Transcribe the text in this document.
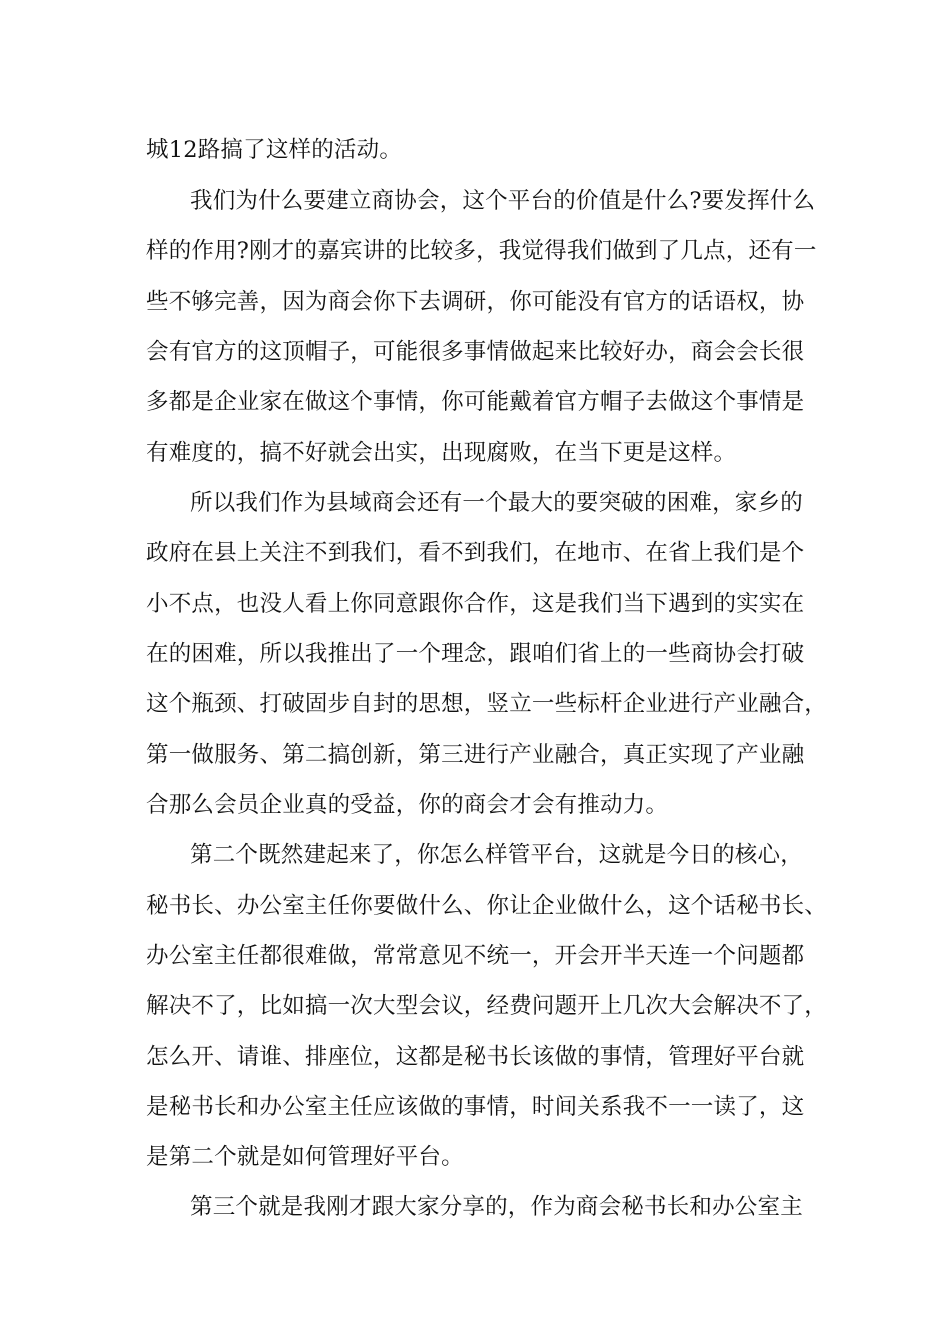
城12路搞了这样的活动。
我们为什么要建立商协会，这个平台的价值是什么?要发挥什么
样的作用?刚才的嘉宾讲的比较多，我觉得我们做到了几点，还有一
些不够完善，因为商会你下去调研，你可能没有官方的话语权，协
会有官方的这顶帽子，可能很多事情做起来比较好办，商会会长很
多都是企业家在做这个事情，你可能戴着官方帽子去做这个事情是
有难度的，搞不好就会出实，出现腐败，在当下更是这样。
所以我们作为县域商会还有一个最大的要突破的困难，家乡的
政府在县上关注不到我们，看不到我们，在地市、在省上我们是个
小不点，也没人看上你同意跟你合作，这是我们当下遇到的实实在
在的困难，所以我推出了一个理念，跟咱们省上的一些商协会打破
这个瓶颈、打破固步自封的思想，竖立一些标杆企业进行产业融合，
第一做服务、第二搞创新，第三进行产业融合，真正实现了产业融
合那么会员企业真的受益，你的商会才会有推动力。
第二个既然建起来了，你怎么样管平台，这就是今日的核心，
秘书长、办公室主任你要做什么、你让企业做什么，这个话秘书长、
办公室主任都很难做，常常意见不统一，开会开半天连一个问题都
解决不了，比如搞一次大型会议，经费问题开上几次大会解决不了，
怎么开、请谁、排座位，这都是秘书长该做的事情，管理好平台就
是秘书长和办公室主任应该做的事情，时间关系我不一一读了，这
是第二个就是如何管理好平台。
第三个就是我刚才跟大家分享的，作为商会秘书长和办公室主
